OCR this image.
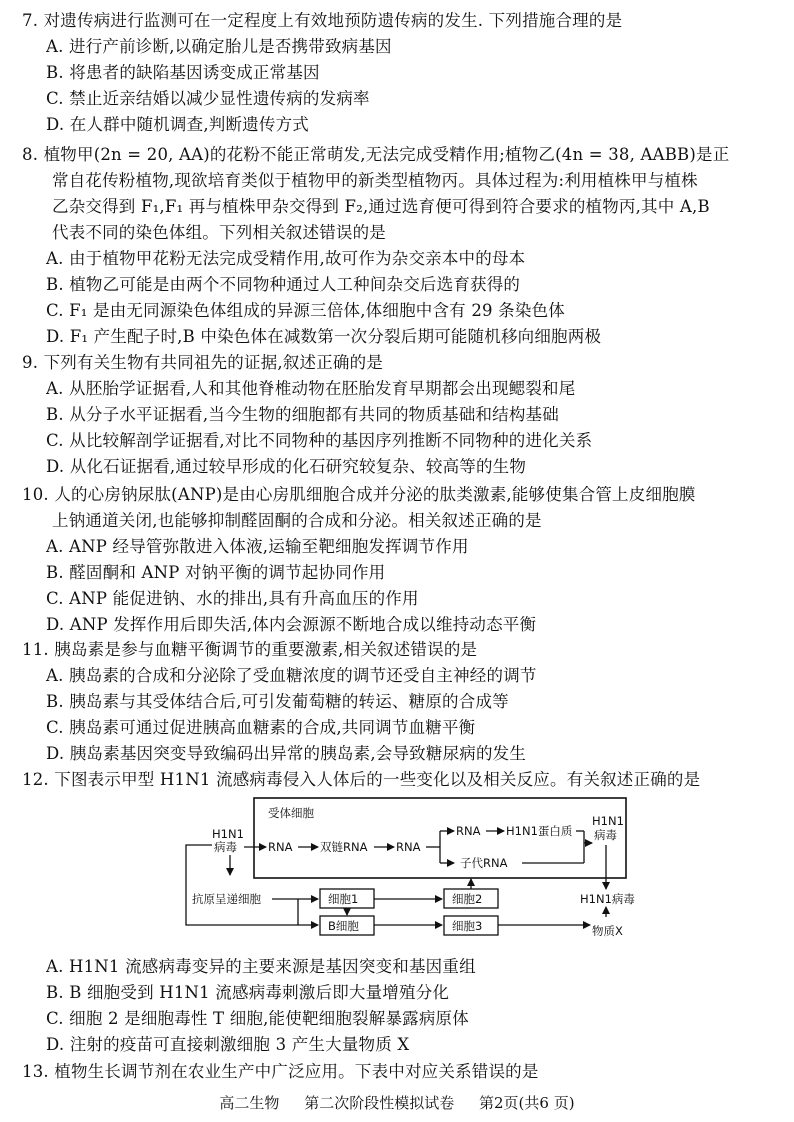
7. 对遗传病进行监测可在一定程度上有效地预防遗传病的发生. 下列措施合理的是
A. 进行产前诊断,以确定胎儿是否携带致病基因
B. 将患者的缺陷基因诱变成正常基因
C. 禁止近亲结婚以减少显性遗传病的发病率
D. 在人群中随机调查,判断遗传方式
8. 植物甲(2n = 20, AA)的花粉不能正常萌发,无法完成受精作用;植物乙(4n = 38, AABB)是正
常自花传粉植物,现欲培育类似于植物甲的新类型植物丙。具体过程为:利用植株甲与植株
乙杂交得到 F₁,F₁ 再与植株甲杂交得到 F₂,通过选育便可得到符合要求的植物丙,其中 A,B
代表不同的染色体组。下列相关叙述错误的是
A. 由于植物甲花粉无法完成受精作用,故可作为杂交亲本中的母本
B. 植物乙可能是由两个不同物种通过人工种间杂交后选育获得的
C. F₁ 是由无同源染色体组成的异源三倍体,体细胞中含有 29 条染色体
D. F₁ 产生配子时,B 中染色体在减数第一次分裂后期可能随机移向细胞两极
9. 下列有关生物有共同祖先的证据,叙述正确的是
A. 从胚胎学证据看,人和其他脊椎动物在胚胎发育早期都会出现鳃裂和尾
B. 从分子水平证据看,当今生物的细胞都有共同的物质基础和结构基础
C. 从比较解剖学证据看,对比不同物种的基因序列推断不同物种的进化关系
D. 从化石证据看,通过较早形成的化石研究较复杂、较高等的生物
10. 人的心房钠尿肽(ANP)是由心房肌细胞合成并分泌的肽类激素,能够使集合管上皮细胞膜
上钠通道关闭,也能够抑制醛固酮的合成和分泌。相关叙述正确的是
A. ANP 经导管弥散进入体液,运输至靶细胞发挥调节作用
B. 醛固酮和 ANP 对钠平衡的调节起协同作用
C. ANP 能促进钠、水的排出,具有升高血压的作用
D. ANP 发挥作用后即失活,体内会源源不断地合成以维持动态平衡
11. 胰岛素是参与血糖平衡调节的重要激素,相关叙述错误的是
A. 胰岛素的合成和分泌除了受血糖浓度的调节还受自主神经的调节
B. 胰岛素与其受体结合后,可引发葡萄糖的转运、糖原的合成等
C. 胰岛素可通过促进胰高血糖素的合成,共同调节血糖平衡
D. 胰岛素基因突变导致编码出异常的胰岛素,会导致糖尿病的发生
12. 下图表示甲型 H1N1 流感病毒侵入人体后的一些变化以及相关反应。有关叙述正确的是
受体细胞
H1N1
病毒	RNA 双链RNA RNA
RNA H1N1蛋白质
子代RNA
H1N1
病毒
抗原呈递细胞	细胞1
B细胞
细胞2
细胞3
H1N1病毒
物质X
A. H1N1 流感病毒变异的主要来源是基因突变和基因重组
B. B 细胞受到 H1N1 流感病毒刺激后即大量增殖分化
C. 细胞 2 是细胞毒性 T 细胞,能使靶细胞裂解暴露病原体
D. 注射的疫苗可直接刺激细胞 3 产生大量物质 X
13. 植物生长调节剂在农业生产中广泛应用。下表中对应关系错误的是
高二生物 第二次阶段性模拟试卷 第2页(共6 页)
